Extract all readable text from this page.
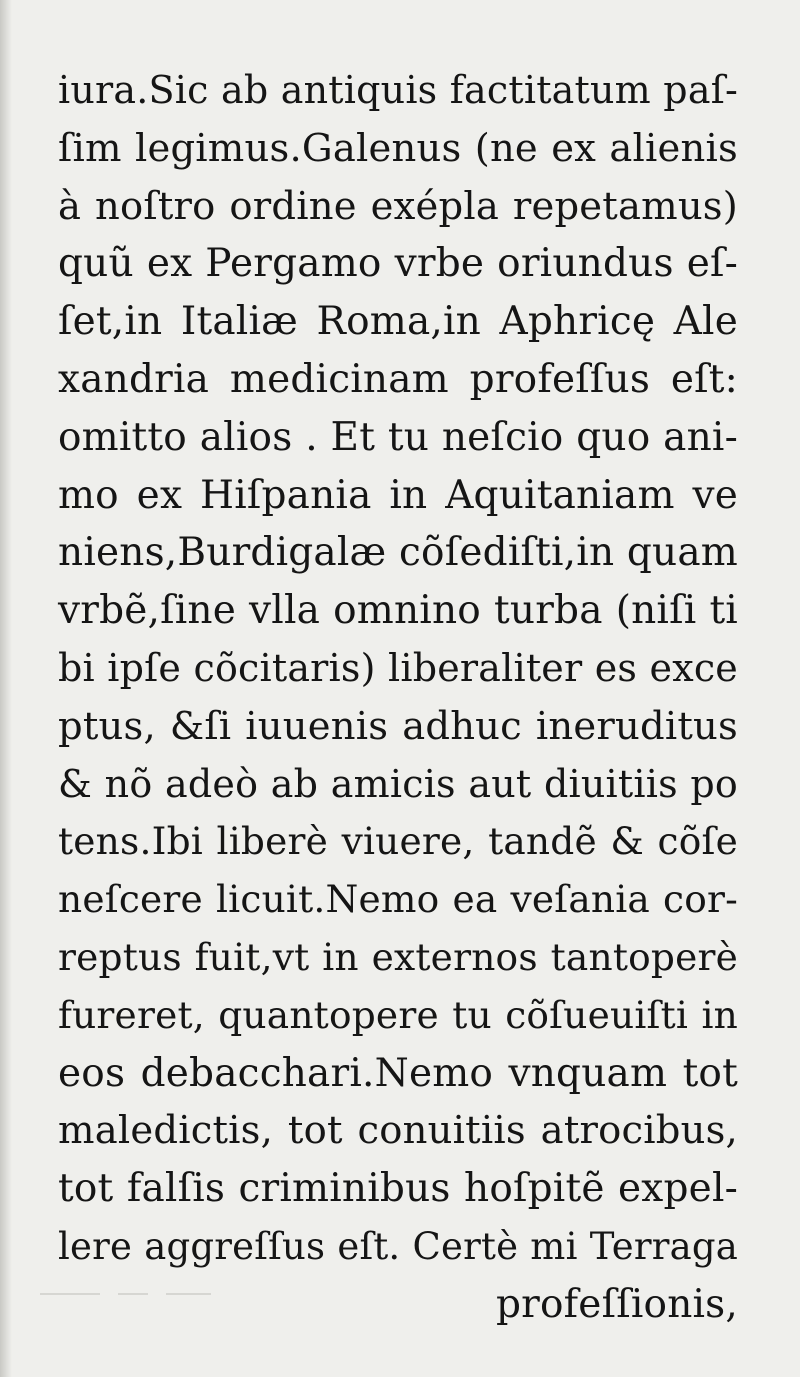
iura.Sic ab antiquis factitatum paſ-
ſim legimus.Galenus (ne ex alienis
à noſtro ordine exépla repetamus)
quũ ex Pergamo vrbe oriundus eſ-
ſet,in Italiæ Roma,in Aphricę Ale
xandria medicinam profeſſus eſt:
omitto alios . Et tu neſcio quo ani-
mo ex Hiſpania in Aquitaniam ve
niens,Burdigalæ cõſediſti,in quam
vrbẽ,ſine vlla omnino turba (niſi ti
bi ipſe cõcitaris) liberaliter es exce
ptus, &ſi iuuenis adhuc ineruditus
& nõ adeò ab amicis aut diuitiis po
tens.Ibi liberè viuere, tandẽ & cõſe
neſcere licuit.Nemo ea veſania cor-
reptus fuit,vt in externos tantoperè
fureret, quantopere tu cõſueuiſti in
eos debacchari.Nemo vnquam tot
maledictis, tot conuitiis atrocibus,
tot falſis criminibus hoſpitẽ expel-
lere aggreſſus eſt. Certè mi Terraga
profeſſionis,
